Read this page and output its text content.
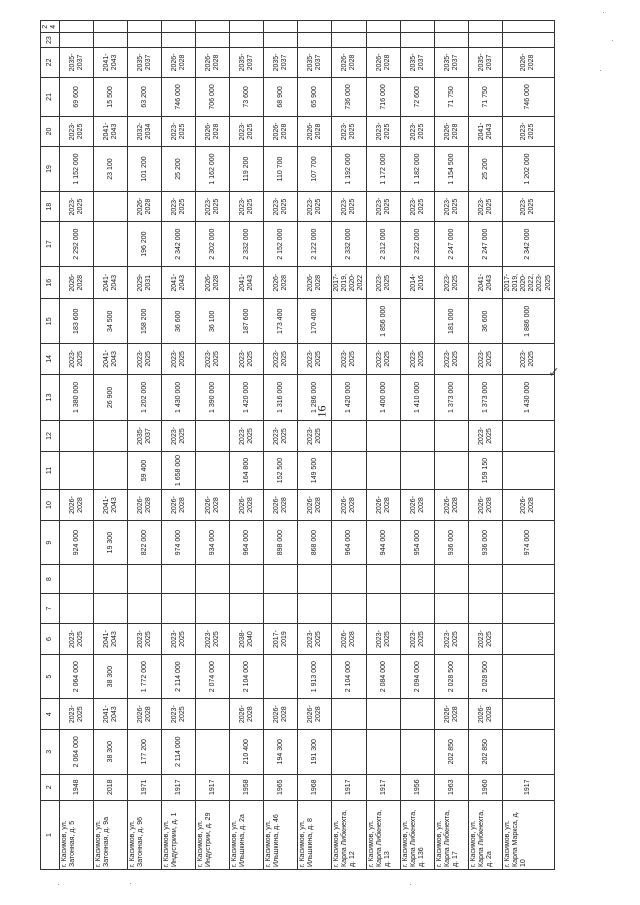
16
✓
1	2	3	4	5	6	7	8	9	10	11	12	13	14	15	16	17	18	19	20	21	22	23	24
г. Касимов, ул. Затонная, д. 5	1948	2 064 000	2023-2025	2 064 000	2023-2025			924 000	2026-2028			1 380 000	2023-2025	183 600	2026-2028	2 292 000	2023-2025	1 152 000	2023-2025	69 600	2035-2037		
г. Касимов, ул. Затонная, д. 9а	2018	38 300	2041-2043	38 300	2041-2043			19 300	2041-2043			26 900	2041-2043	34 500	2041-2043			23 100	2041-2043	15 500	2041-2043		
г. Касимов, ул. Затонная, д. 96	1971	177 200	2026-2028	1 772 000	2023-2025			822 000	2026-2028	59 400	2035-2037	1 202 000	2023-2025	158 200	2029-2031	196 200	2026-2028	101 200	2032-2034	63 200	2035-2037		
г. Касимов, ул. Индустриии, д. 1	1917	2 114 000	2023-2025	2 114 000	2023-2025			974 000	2026-2028	1 658 000	2023-2025	1 430 000	2023-2025	36 600	2041-2043	2 342 000	2023-2025	25 200	2023-2025	746 000	2026-2028		
г. Касимов, ул. Индустрии, д. 29	1917			2 074 000	2023-2025			934 000	2026-2028			1 390 000	2023-2025	36 100	2026-2028	2 302 000	2023-2025	1 162 000	2026-2028	706 000	2026-2028		
г. Касимов, ул. Ильшкина, д. 2а	1958	210 400	2026-2028	2 104 000	2038-2040			964 000	2026-2028	164 800	2023-2025	1 420 000	2023-2025	187 600	2041-2043	2 332 000	2023-2025	119 200	2023-2025	73 600	2035-2037		
г. Касимов, ул. Ильшкина, д. 46	1965	194 300	2026-2028		2017-2019			898 000	2026-2028	152 500	2023-2025	1 316 000	2023-2025	173 400	2026-2028	2 152 000	2023-2025	110 700	2026-2028	68 900	2035-2037		
г. Касимов, ул. Ильшкина, д. 8	1968	191 300	2026-2028	1 913 000	2023-2025			868 000	2026-2028	149 500	2023-2025	1 286 000	2023-2025	170 400	2026-2028	2 122 000	2023-2025	107 700	2026-2028	65 900	2035-2037		
г. Касимов, ул. Карла Либкнехта, д. 12	1917			2 104 000	2026-2028			964 000	2026-2028			1 420 000	2023-2025		2017-2019, 2020-2022	2 332 000	2023-2025	1 192 000	2023-2025	736 000	2026-2028		
г. Касимов, ул. Карла Либкнехта, д. 13	1917			2 084 000	2023-2025			944 000	2026-2028			1 400 000	2023-2025	1 856 000	2023-2025	2 312 000	2023-2025	1 172 000	2023-2025	716 000	2026-2028		
г. Касимов, ул. Карла Либкнехта, д. 136	1956			2 094 000	2023-2025			954 000	2026-2028			1 410 000	2023-2025		2014-2016	2 322 000	2023-2025	1 182 000	2023-2025	72 600	2035-2037		
г. Касимов, ул. Карла Либкнехта, д. 17	1963	202 850	2026-2028	2 028 500	2023-2025			936 000	2026-2028			1 373 000	2023-2025	181 000	2023-2025	2 247 000	2023-2025	1 154 500	2026-2028	71 750	2035-2037		
г. Касимов, ул. Карла Либкнехта, д. 2а	1960	202 850	2026-2028	2 028 500	2023-2025			936 000	2026-2028	159 150	2023-2025	1 373 000	2023-2025	36 600	2041-2043	2 247 000	2023-2025	25 200	2041-2043	71 750	2035-2037		
г. Касимов, ул. Карла Маркса, д. 10	1917							974 000	2026-2028			1 430 000	2023-2025	1 886 000	2017-2019, 2020-2022, 2023-2025	2 342 000	2023-2025	1 202 000	2023-2025	746 000	2026-2028		
